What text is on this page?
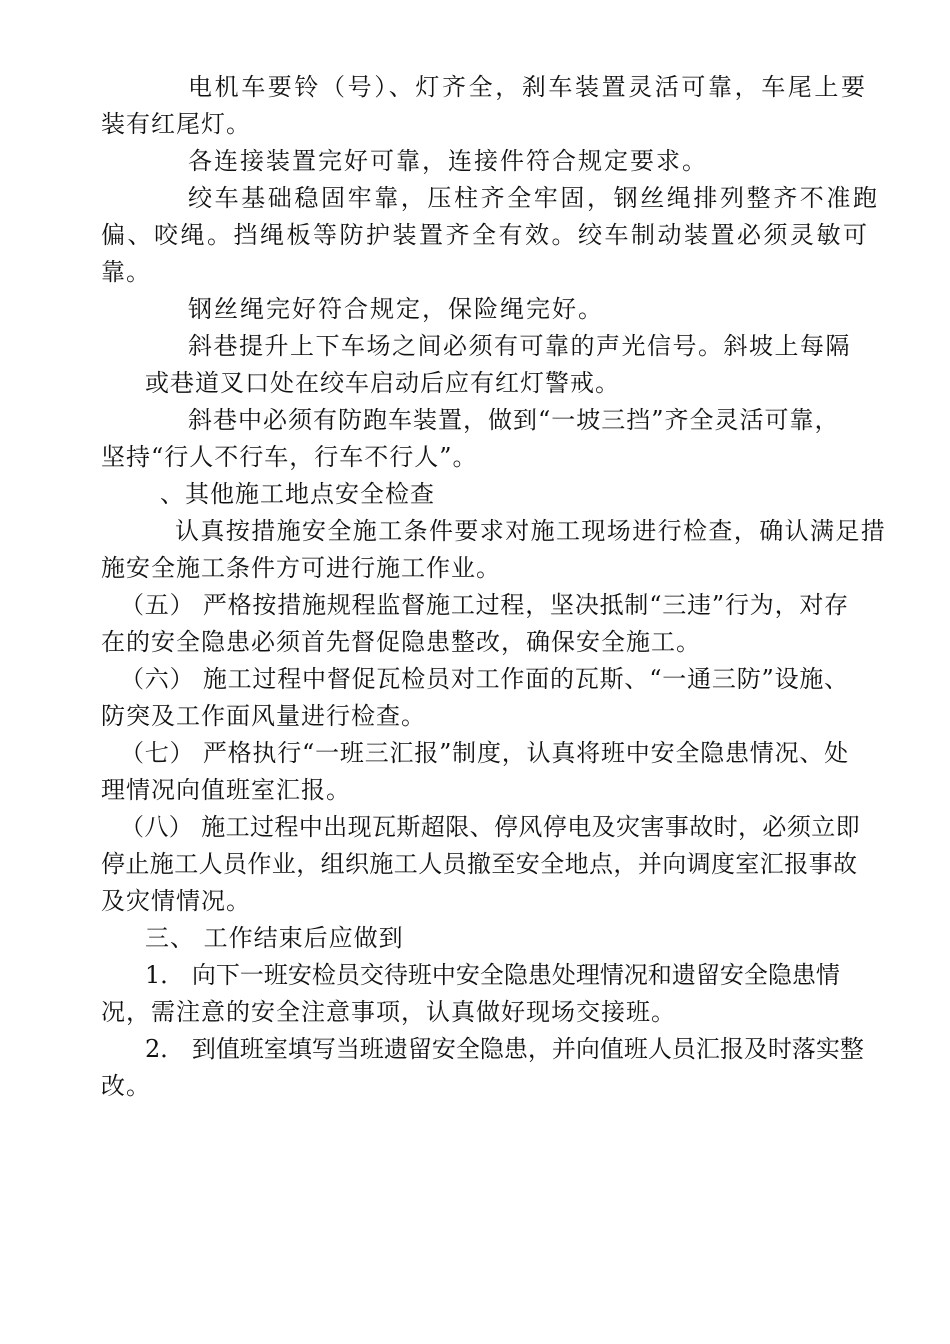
电机车要铃（号）、灯齐全，刹车装置灵活可靠，车尾上要
装有红尾灯。
各连接装置完好可靠，连接件符合规定要求。
绞车基础稳固牢靠，压柱齐全牢固，钢丝绳排列整齐不准跑
偏、咬绳。挡绳板等防护装置齐全有效。绞车制动装置必须灵敏可
靠。
钢丝绳完好符合规定，保险绳完好。
斜巷提升上下车场之间必须有可靠的声光信号。斜坡上每隔
或巷道叉口处在绞车启动后应有红灯警戒。
斜巷中必须有防跑车装置，做到“一坡三挡”齐全灵活可靠，
坚持“行人不行车，行车不行人”。
、其他施工地点安全检查
认真按措施安全施工条件要求对施工现场进行检查，确认满足措
施安全施工条件方可进行施工作业。
（五） 严格按措施规程监督施工过程，坚决抵制“三违”行为，对存
在的安全隐患必须首先督促隐患整改，确保安全施工。
（六） 施工过程中督促瓦检员对工作面的瓦斯、“一通三防”设施、
防突及工作面风量进行检查。
（七） 严格执行“一班三汇报”制度，认真将班中安全隐患情况、处
理情况向值班室汇报。
（八） 施工过程中出现瓦斯超限、停风停电及灾害事故时，必须立即
停止施工人员作业，组织施工人员撤至安全地点，并向调度室汇报事故
及灾情情况。
三、 工作结束后应做到
1． 向下一班安检员交待班中安全隐患处理情况和遗留安全隐患情
况，需注意的安全注意事项，认真做好现场交接班。
2． 到值班室填写当班遗留安全隐患，并向值班人员汇报及时落实整
改。
